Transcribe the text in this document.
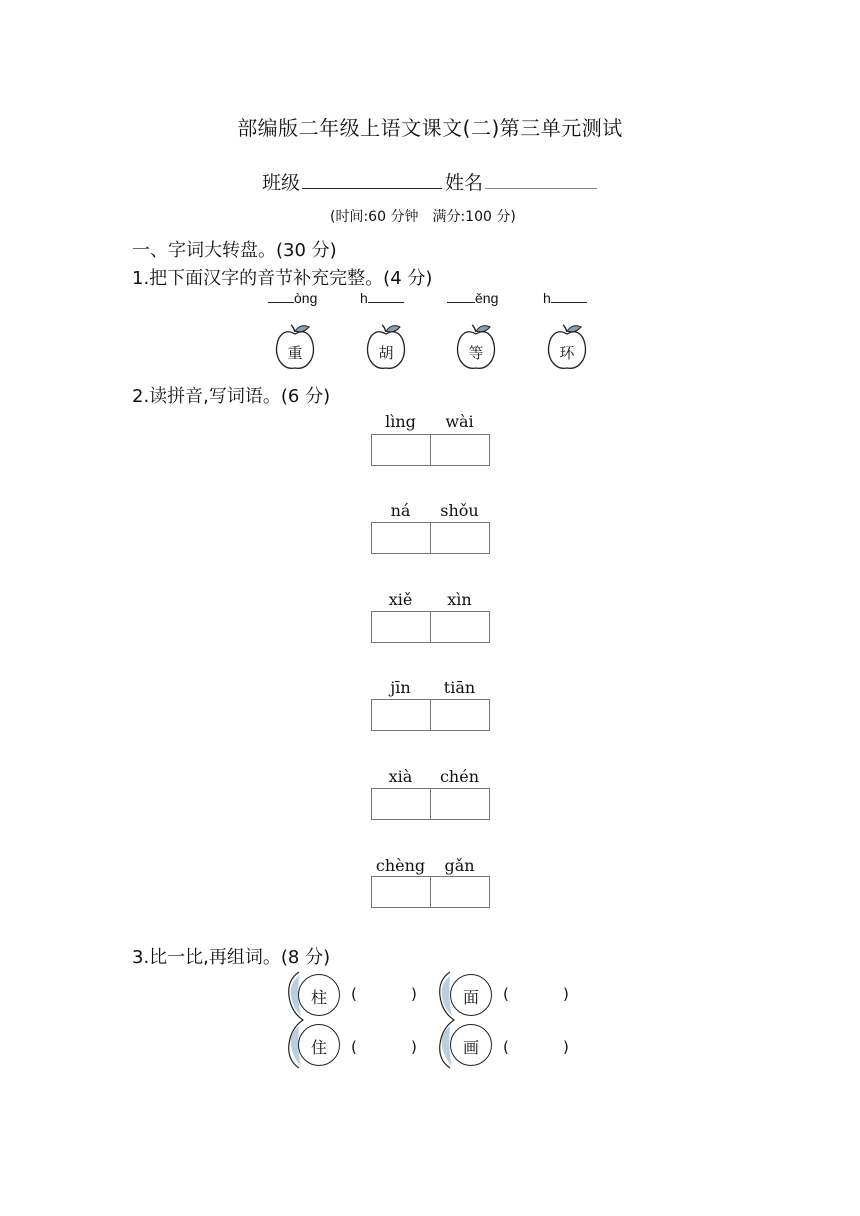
部编版二年级上语文课文(二)第三单元测试
班级	姓名
(时间:60 分钟　满分:100 分)
一、字词大转盘。(30 分)
1.把下面汉字的音节补充完整。(4 分)
òng	h	ěng	h
重	胡	等	环
2.读拼音,写词语。(6 分)
lìng	wài
ná	shǒu
xiě	xìn
jīn	tiān
xià	chén
chèng	gǎn
3.比一比,再组词。(8 分)
柱
住
(	)
(	)
面
画
(	)
(	)
